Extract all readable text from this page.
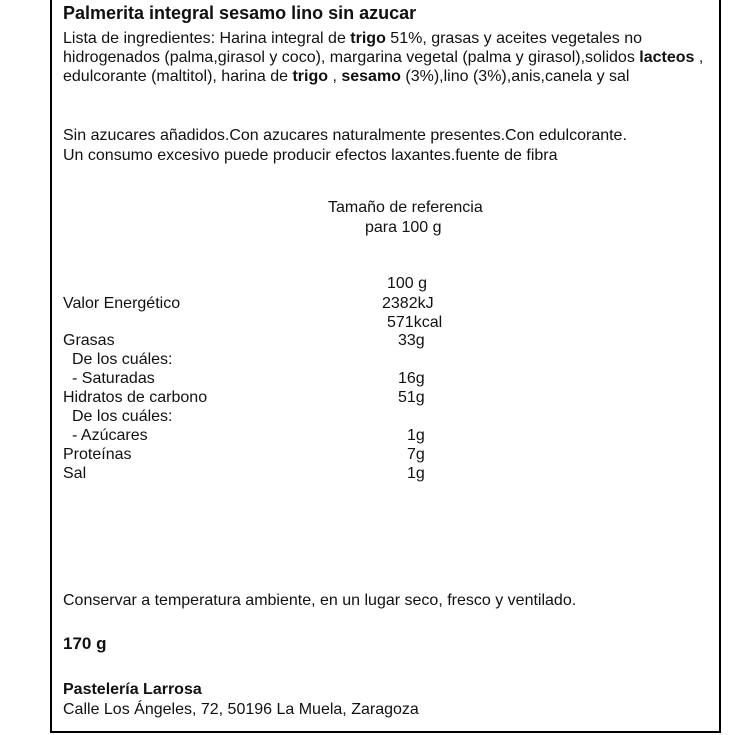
Palmerita integral sesamo lino sin azucar
Lista de ingredientes: Harina integral de trigo 51%, grasas y aceites vegetales no hidrogenados (palma,girasol y coco), margarina vegetal (palma y girasol),solidos lacteos , edulcorante (maltitol), harina de trigo , sesamo (3%),lino (3%),anis,canela y sal
Sin azucares añadidos.Con azucares naturalmente presentes.Con edulcorante.
Un consumo excesivo puede producir efectos laxantes.fuente de fibra
Tamaño de referencia
para 100 g
100 g
Valor Energético	2382kJ
571kcal
Grasas	33g
De los cuáles:
- Saturadas	16g
Hidratos de carbono	51g
De los cuáles:
- Azúcares	1g
Proteínas	7g
Sal	1g
Conservar a temperatura ambiente, en un lugar seco, fresco y ventilado.
170 g
Pastelería Larrosa
Calle Los Ángeles, 72, 50196 La Muela, Zaragoza
